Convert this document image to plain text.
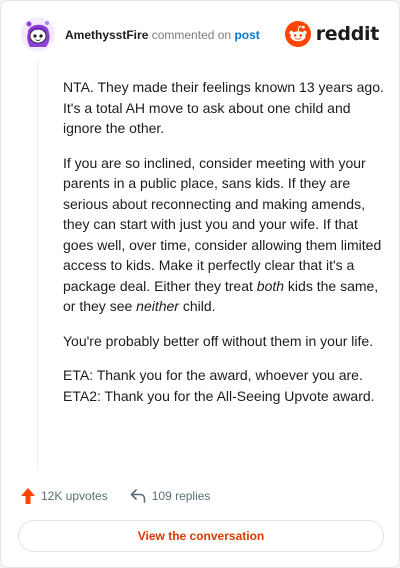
AmethysstFire commented on post	reddit

NTA. They made their feelings known 13 years ago. It's a total AH move to ask about one child and ignore the other.

If you are so inclined, consider meeting with your parents in a public place, sans kids. If they are serious about reconnecting and making amends, they can start with just you and your wife. If that goes well, over time, consider allowing them limited access to kids. Make it perfectly clear that it's a package deal. Either they treat both kids the same, or they see neither child.

You're probably better off without them in your life.

ETA: Thank you for the award, whoever you are.
ETA2: Thank you for the All-Seeing Upvote award.

12K upvotes	109 replies
View the conversation
